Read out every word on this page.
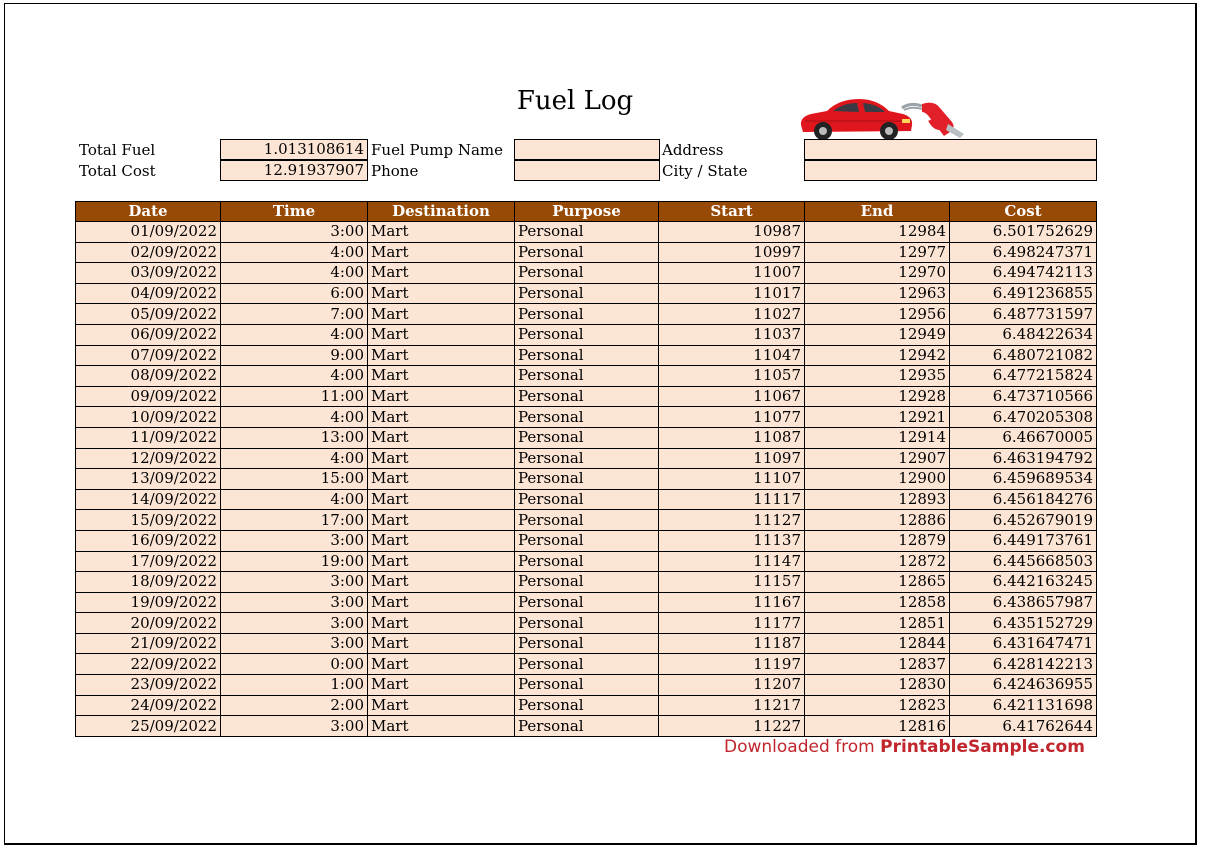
Fuel Log
Total Fuel	1.013108614
Total Cost	12.91937907
Fuel Pump Name
Phone
Address
City / State
Date	Time	Destination	Purpose	Start	End	Cost
01/09/2022	3:00	Mart	Personal	10987	12984	6.501752629
02/09/2022	4:00	Mart	Personal	10997	12977	6.498247371
03/09/2022	4:00	Mart	Personal	11007	12970	6.494742113
04/09/2022	6:00	Mart	Personal	11017	12963	6.491236855
05/09/2022	7:00	Mart	Personal	11027	12956	6.487731597
06/09/2022	4:00	Mart	Personal	11037	12949	6.48422634
07/09/2022	9:00	Mart	Personal	11047	12942	6.480721082
08/09/2022	4:00	Mart	Personal	11057	12935	6.477215824
09/09/2022	11:00	Mart	Personal	11067	12928	6.473710566
10/09/2022	4:00	Mart	Personal	11077	12921	6.470205308
11/09/2022	13:00	Mart	Personal	11087	12914	6.46670005
12/09/2022	4:00	Mart	Personal	11097	12907	6.463194792
13/09/2022	15:00	Mart	Personal	11107	12900	6.459689534
14/09/2022	4:00	Mart	Personal	11117	12893	6.456184276
15/09/2022	17:00	Mart	Personal	11127	12886	6.452679019
16/09/2022	3:00	Mart	Personal	11137	12879	6.449173761
17/09/2022	19:00	Mart	Personal	11147	12872	6.445668503
18/09/2022	3:00	Mart	Personal	11157	12865	6.442163245
19/09/2022	3:00	Mart	Personal	11167	12858	6.438657987
20/09/2022	3:00	Mart	Personal	11177	12851	6.435152729
21/09/2022	3:00	Mart	Personal	11187	12844	6.431647471
22/09/2022	0:00	Mart	Personal	11197	12837	6.428142213
23/09/2022	1:00	Mart	Personal	11207	12830	6.424636955
24/09/2022	2:00	Mart	Personal	11217	12823	6.421131698
25/09/2022	3:00	Mart	Personal	11227	12816	6.41762644
Downloaded from PrintableSample.com
